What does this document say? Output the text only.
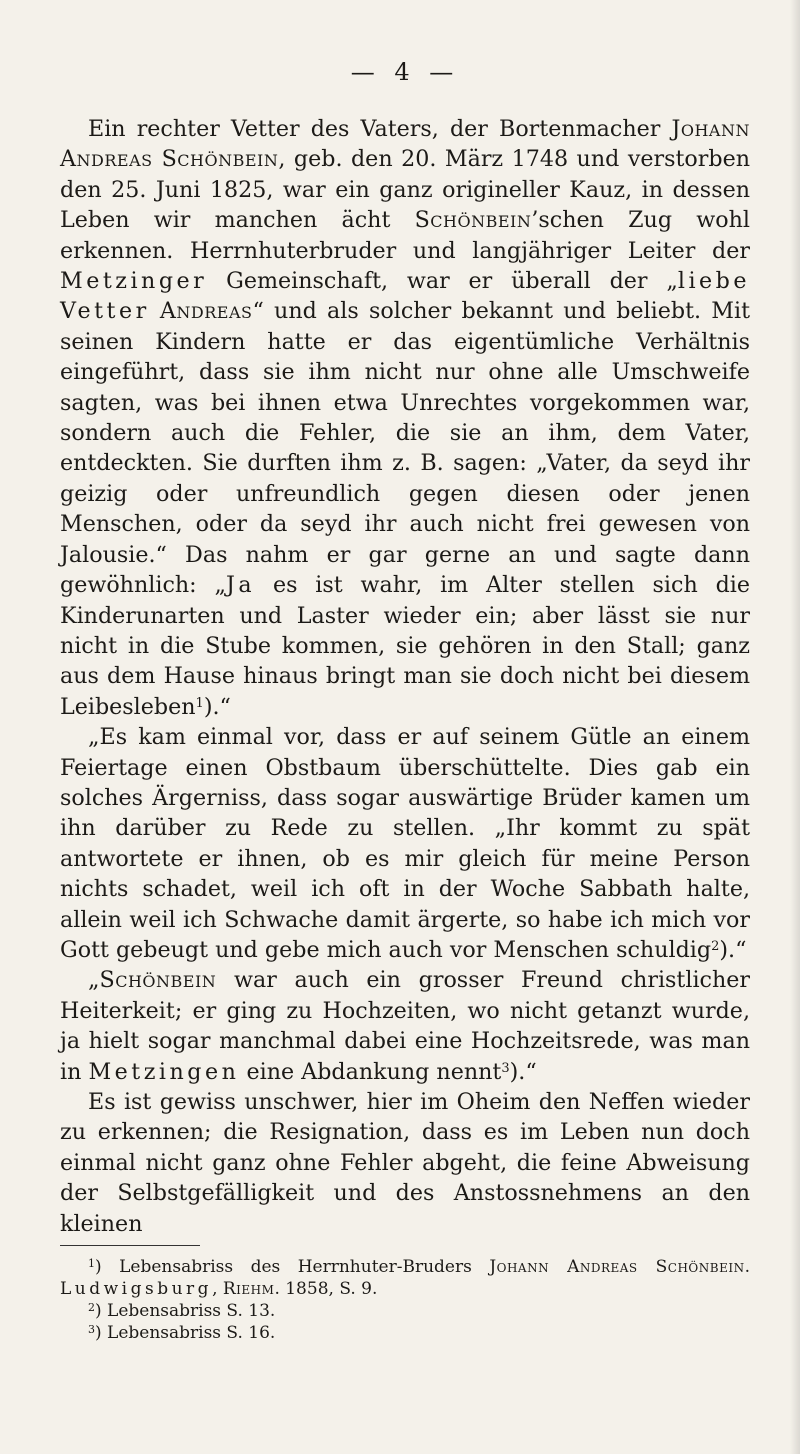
— 4 —

Ein rechter Vetter des Vaters, der Bortenmacher Johann Andreas Schönbein, geb. den 20. März 1748 und verstorben den 25. Juni 1825, war ein ganz origineller Kauz, in dessen Leben wir manchen ächt Schönbein’schen Zug wohl erkennen. Herrnhuterbruder und langjähriger Leiter der Metzinger Gemeinschaft, war er überall der „liebe Vetter Andreas“ und als solcher bekannt und beliebt. Mit seinen Kindern hatte er das eigentümliche Verhältnis eingeführt, dass sie ihm nicht nur ohne alle Umschweife sagten, was bei ihnen etwa Unrechtes vorgekommen war, sondern auch die Fehler, die sie an ihm, dem Vater, entdeckten. Sie durften ihm z. B. sagen: „Vater, da seyd ihr geizig oder unfreundlich gegen diesen oder jenen Menschen, oder da seyd ihr auch nicht frei gewesen von Jalousie.“ Das nahm er gar gerne an und sagte dann gewöhnlich: „Ja es ist wahr, im Alter stellen sich die Kinderunarten und Laster wieder ein; aber lässt sie nur nicht in die Stube kommen, sie gehören in den Stall; ganz aus dem Hause hinaus bringt man sie doch nicht bei diesem Leibesleben$^1$).“

„Es kam einmal vor, dass er auf seinem Gütle an einem Feiertage einen Obstbaum überschüttelte. Dies gab ein solches Ärgerniss, dass sogar auswärtige Brüder kamen um ihn darüber zu Rede zu stellen. „Ihr kommt zu spät antwortete er ihnen, ob es mir gleich für meine Person nichts schadet, weil ich oft in der Woche Sabbath halte, allein weil ich Schwache damit ärgerte, so habe ich mich vor Gott gebeugt und gebe mich auch vor Menschen schuldig$^2$).“

„Schönbein war auch ein grosser Freund christlicher Heiterkeit; er ging zu Hochzeiten, wo nicht getanzt wurde, ja hielt sogar manchmal dabei eine Hochzeitsrede, was man in Metzingen eine Abdankung nennt$^3$).“

Es ist gewiss unschwer, hier im Oheim den Neffen wieder zu erkennen; die Resignation, dass es im Leben nun doch einmal nicht ganz ohne Fehler abgeht, die feine Abweisung der Selbstgefälligkeit und des Anstossnehmens an den kleinen

$^1$) Lebensabriss des Herrnhuter-Bruders Johann Andreas Schönbein. Ludwigsburg, Riehm. 1858, S. 9.

$^2$) Lebensabriss S. 13.

$^3$) Lebensabriss S. 16.
